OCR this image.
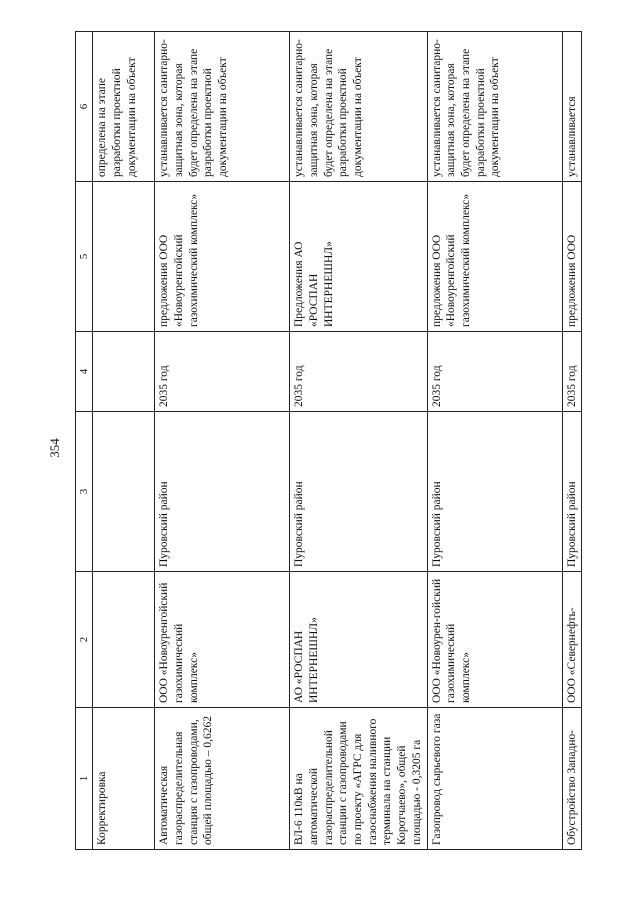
354
1	2	3	4	5	6
Корректировка					определена на этапе разработки проектной документации на объект
Автоматическая газораспределительная станция с газопроводами, общей площадью – 0,6262	ООО «Новоуренгойский газохимический комплекс»	Пуровский район	2035 год	предложения ООО «Новоуренгойский газохимический комплекс»	устанавливается санитарно-защитная зона, которая будет определена на этапе разработки проектной документации на объект
ВЛ-6 110кВ на автоматической газораспределительной станции с газопроводами по проекту «АГРС для газоснабжения наливного терминала на станции Коротчаево», общей площадью - 0,3205 га	АО «РОСПАН ИНТЕРНЕШНЛ»	Пуровский район	2035 год	Предложения АО «РОСПАН ИНТЕРНЕШНЛ»	устанавливается санитарно-защитная зона, которая будет определена на этапе разработки проектной документации на объект
Газопровод сырьевого газа	ООО «Новоурен-гойский газохимический комплекс»	Пуровский район	2035 год	предложения ООО «Новоуренгойский газохимический комплекс»	устанавливается санитарно-защитная зона, которая будет определена на этапе разработки проектной документации на объект
Обустройство Западно-	ООО «Севернефть-	Пуровский район	2035 год	предложения ООО	устанавливается
